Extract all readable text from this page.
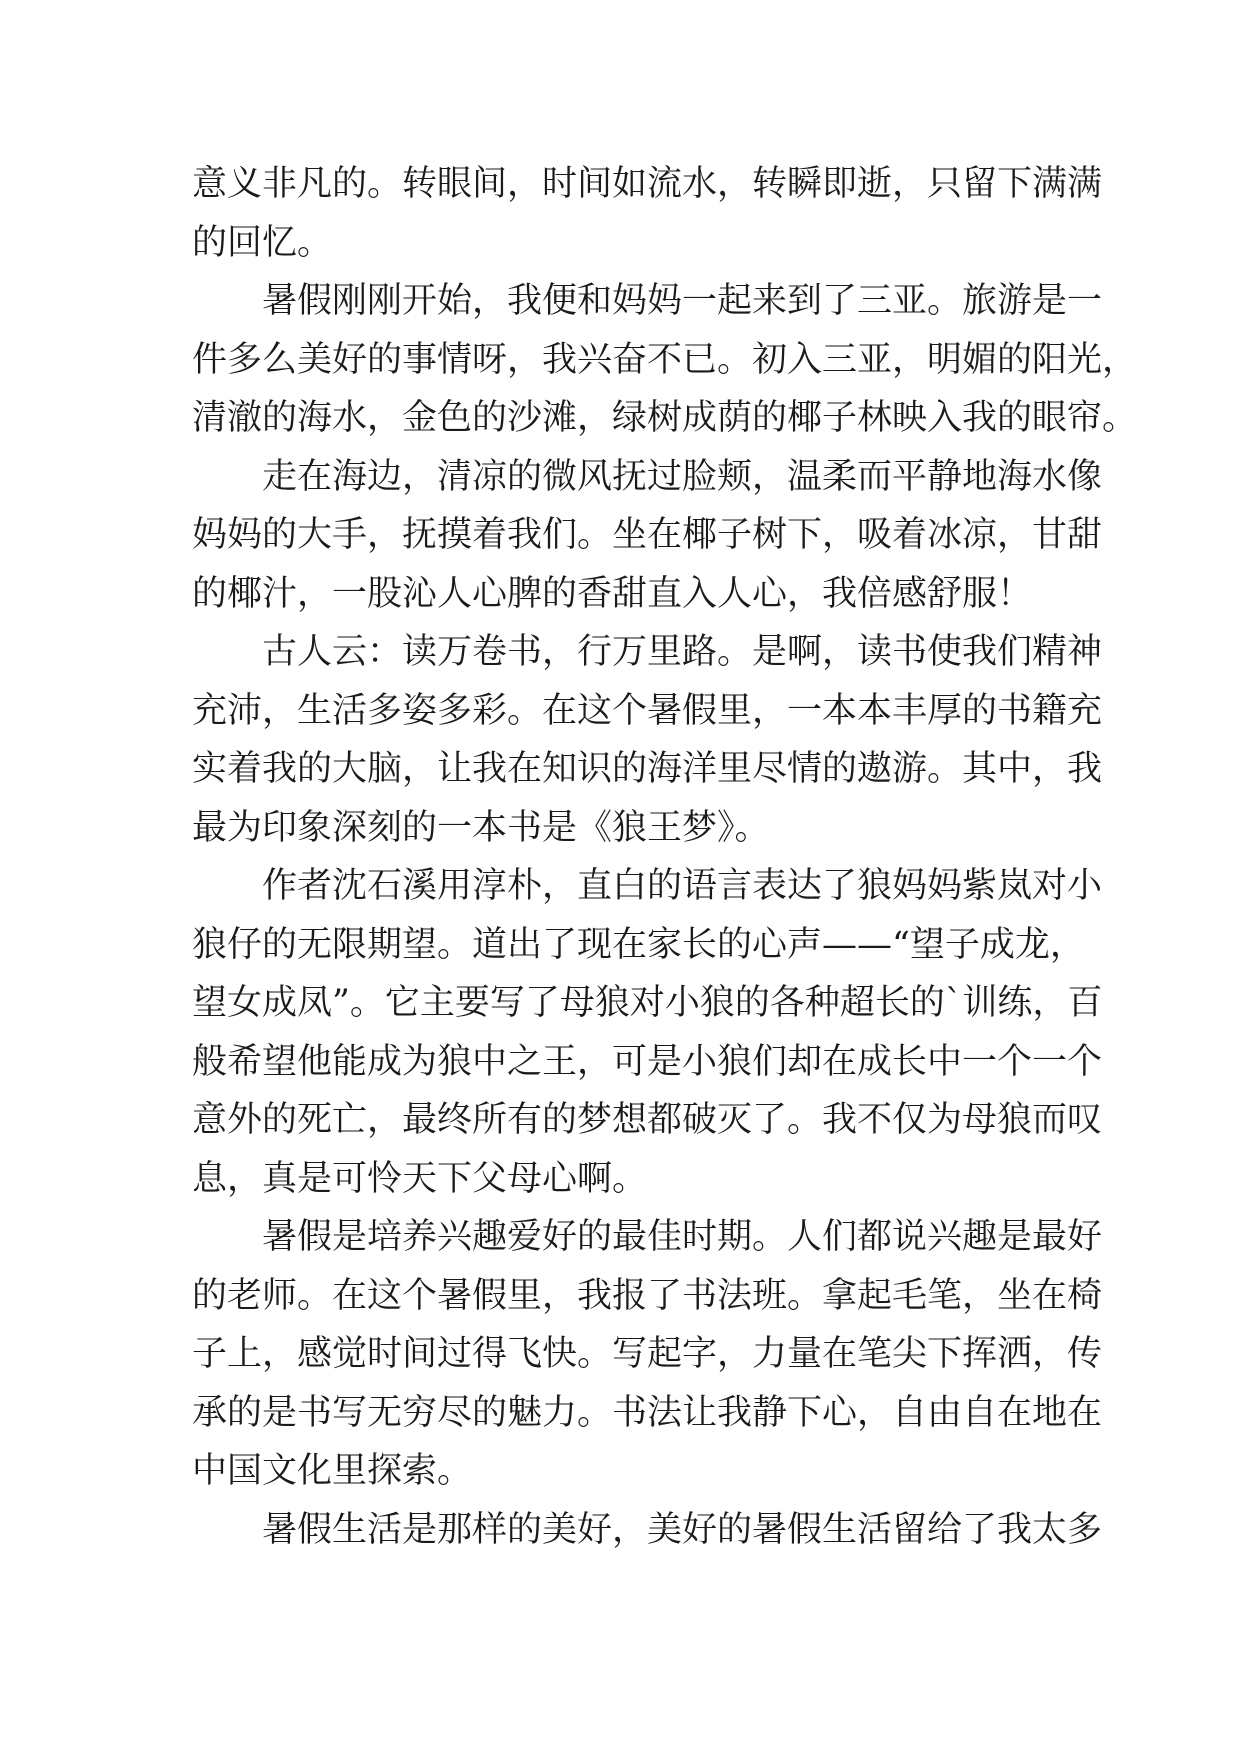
意义非凡的。转眼间，时间如流水，转瞬即逝，只留下满满
的回忆。
暑假刚刚开始，我便和妈妈一起来到了三亚。旅游是一
件多么美好的事情呀，我兴奋不已。初入三亚，明媚的阳光，
清澈的海水，金色的沙滩，绿树成荫的椰子林映入我的眼帘。
走在海边，清凉的微风抚过脸颊，温柔而平静地海水像
妈妈的大手，抚摸着我们。坐在椰子树下，吸着冰凉，甘甜
的椰汁，一股沁人心脾的香甜直入人心，我倍感舒服！
古人云：读万卷书，行万里路。是啊，读书使我们精神
充沛，生活多姿多彩。在这个暑假里，一本本丰厚的书籍充
实着我的大脑，让我在知识的海洋里尽情的遨游。其中，我
最为印象深刻的一本书是《狼王梦》。
作者沈石溪用淳朴，直白的语言表达了狼妈妈紫岚对小
狼仔的无限期望。道出了现在家长的心声——“望子成龙，
望女成凤”。它主要写了母狼对小狼的各种超长的`训练，百
般希望他能成为狼中之王，可是小狼们却在成长中一个一个
意外的死亡，最终所有的梦想都破灭了。我不仅为母狼而叹
息，真是可怜天下父母心啊。
暑假是培养兴趣爱好的最佳时期。人们都说兴趣是最好
的老师。在这个暑假里，我报了书法班。拿起毛笔，坐在椅
子上，感觉时间过得飞快。写起字，力量在笔尖下挥洒，传
承的是书写无穷尽的魅力。书法让我静下心，自由自在地在
中国文化里探索。
暑假生活是那样的美好，美好的暑假生活留给了我太多
